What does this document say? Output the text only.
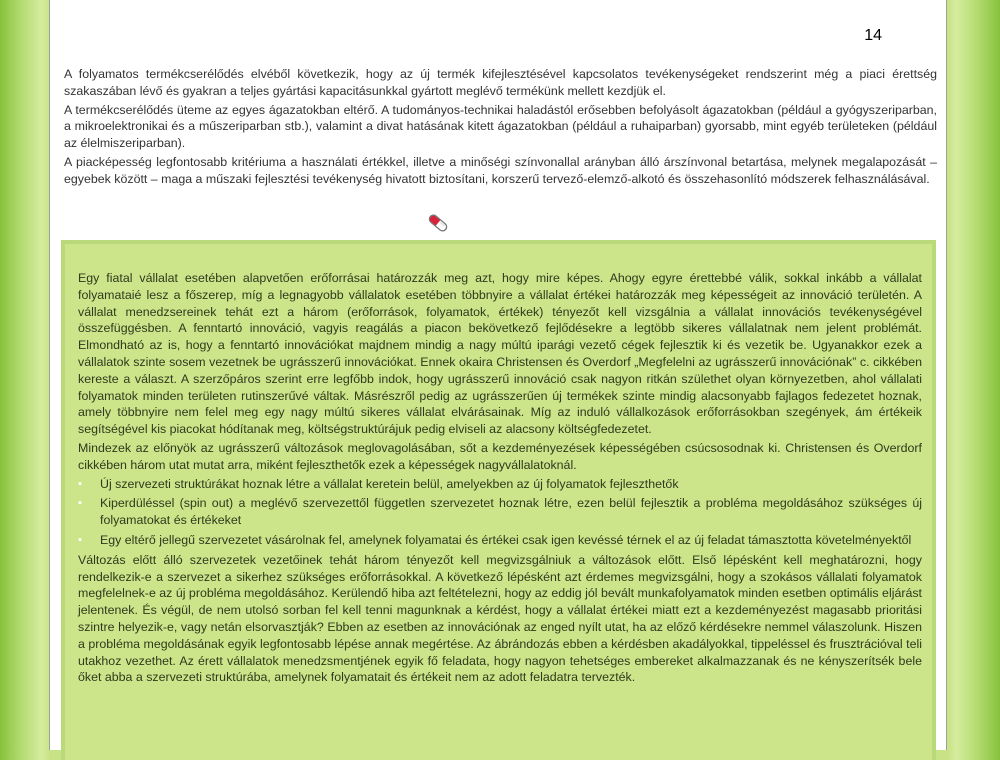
14

A folyamatos termékcserélődés elvéből következik, hogy az új termék kifejlesztésével kapcsolatos tevékenységeket rendszerint még a piaci érettség szakaszában lévő és gyakran a teljes gyártási kapacitásunkkal gyártott meglévő termékünk mellett kezdjük el.

A termékcserélődés üteme az egyes ágazatokban eltérő. A tudományos-technikai haladástól erősebben befolyásolt ágazatokban (például a gyógyszeriparban, a mikroelektronikai és a műszeriparban stb.), valamint a divat hatásának kitett ágazatokban (például a ruhaiparban) gyorsabb, mint egyéb területeken (például az élelmiszeriparban).

A piacképesség legfontosabb kritériuma a használati értékkel, illetve a minőségi színvonallal arányban álló árszínvonal betartása, melynek megalapozását – egyebek között – maga a műszaki fejlesztési tevékenység hivatott biztosítani, korszerű tervező-elemző-alkotó és összehasonlító módszerek felhasználásával.

Egy fiatal vállalat esetében alapvetően erőforrásai határozzák meg azt, hogy mire képes. Ahogy egyre érettebbé válik, sokkal inkább a vállalat folyamataié lesz a főszerep, míg a legnagyobb vállalatok esetében többnyire a vállalat értékei határozzák meg képességeit az innováció területén. A vállalat menedzsereinek tehát ezt a három (erőforrások, folyamatok, értékek) tényezőt kell vizsgálnia a vállalat innovációs tevékenységével összefüggésben. A fenntartó innováció, vagyis reagálás a piacon bekövetkező fejlődésekre a legtöbb sikeres vállalatnak nem jelent problémát. Elmondható az is, hogy a fenntartó innovációkat majdnem mindig a nagy múltú iparági vezető cégek fejlesztik ki és vezetik be. Ugyanakkor ezek a vállalatok szinte sosem vezetnek be ugrásszerű innovációkat. Ennek okaira Christensen és Overdorf „Megfelelni az ugrásszerű innovációnak” c. cikkében kereste a választ. A szerzőpáros szerint erre legfőbb indok, hogy ugrásszerű innováció csak nagyon ritkán születhet olyan környezetben, ahol vállalati folyamatok minden területen rutinszerűvé váltak. Másrészről pedig az ugrásszerűen új termékek szinte mindig alacsonyabb fajlagos fedezetet hoznak, amely többnyire nem felel meg egy nagy múltú sikeres vállalat elvárásainak. Míg az induló vállalkozások erőforrásokban szegények, ám értékeik segítségével kis piacokat hódítanak meg, költségstruktúrájuk pedig elviseli az alacsony költségfedezetet.

Mindezek az előnyök az ugrásszerű változások meglovagolásában, sőt a kezdeményezések képességében csúcsosodnak ki. Christensen és Overdorf cikkében három utat mutat arra, miként fejleszthetők ezek a képességek nagyvállalatoknál.

▪ Új szervezeti struktúrákat hoznak létre a vállalat keretein belül, amelyekben az új folyamatok fejleszthetők
▪ Kiperdüléssel (spin out) a meglévő szervezettől független szervezetet hoznak létre, ezen belül fejlesztik a probléma megoldásához szükséges új folyamatokat és értékeket
▪ Egy eltérő jellegű szervezetet vásárolnak fel, amelynek folyamatai és értékei csak igen kevéssé térnek el az új feladat támasztotta követelményektől

Változás előtt álló szervezetek vezetőinek tehát három tényezőt kell megvizsgálniuk a változások előtt. Első lépésként kell meghatározni, hogy rendelkezik-e a szervezet a sikerhez szükséges erőforrásokkal. A következő lépésként azt érdemes megvizsgálni, hogy a szokásos vállalati folyamatok megfelelnek-e az új probléma megoldásához. Kerülendő hiba azt feltételezni, hogy az eddig jól bevált munkafolyamatok minden esetben optimális eljárást jelentenek. És végül, de nem utolsó sorban fel kell tenni magunknak a kérdést, hogy a vállalat értékei miatt ezt a kezdeményezést magasabb prioritási szintre helyezik-e, vagy netán elsorvasztják? Ebben az esetben az innovációnak az enged nyílt utat, ha az előző kérdésekre nemmel válaszolunk. Hiszen a probléma megoldásának egyik legfontosabb lépése annak megértése. Az ábrándozás ebben a kérdésben akadályokkal, tippeléssel és frusztrációval teli utakhoz vezethet. Az érett vállalatok menedzsmentjének egyik fő feladata, hogy nagyon tehetséges embereket alkalmazzanak és ne kényszerítsék bele őket abba a szervezeti struktúrába, amelynek folyamatait és értékeit nem az adott feladatra tervezték.
